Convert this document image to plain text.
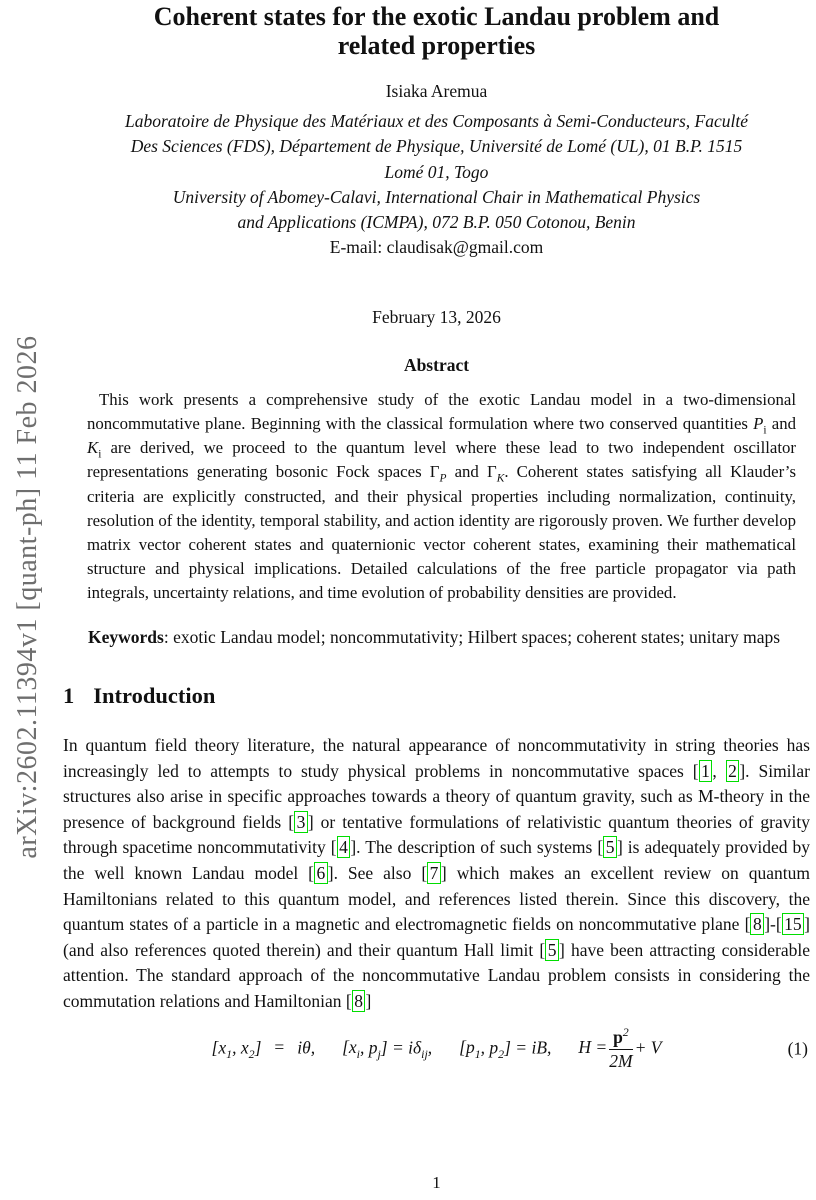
arXiv:2602.11394v1 [quant-ph] 11 Feb 2026
Coherent states for the exotic Landau problem and
related properties
Isiaka Aremua
Laboratoire de Physique des Matériaux et des Composants à Semi-Conducteurs, Faculté
Des Sciences (FDS), Département de Physique, Université de Lomé (UL), 01 B.P. 1515
Lomé 01, Togo
University of Abomey-Calavi, International Chair in Mathematical Physics
and Applications (ICMPA), 072 B.P. 050 Cotonou, Benin
E-mail: claudisak@gmail.com
February 13, 2026
Abstract

This work presents a comprehensive study of the exotic Landau model in a two-dimensional noncommutative plane. Beginning with the classical formulation where two conserved quantities $P_i$ and $K_i$ are derived, we proceed to the quantum level where these lead to two independent oscillator representations generating bosonic Fock spaces $\Gamma_P$ and $\Gamma_K$. Coherent states satisfying all Klauder’s criteria are explicitly constructed, and their physical properties including normalization, continuity, resolution of the identity, temporal stability, and action identity are rigorously proven. We further develop matrix vector coherent states and quaternionic vector coherent states, examining their mathematical structure and physical implications. Detailed calculations of the free particle propagator via path integrals, uncertainty relations, and time evolution of probability densities are provided.

Keywords: exotic Landau model; noncommutativity; Hilbert spaces; coherent states; unitary maps

1 Introduction

In quantum field theory literature, the natural appearance of noncommutativity in string theories has increasingly led to attempts to study physical problems in noncommutative spaces [ 1 , 2 ]. Similar structures also arise in specific approaches towards a theory of quantum gravity, such as M-theory in the presence of background fields [ 3 ] or tentative formulations of relativistic quantum theories of gravity through spacetime noncommutativity [ 4 ]. The description of such systems [ 5 ] is adequately provided by the well known Landau model [ 6 ]. See also [ 7 ] which makes an excellent review on quantum Hamiltonians related to this quantum model, and references listed therein. Since this discovery, the quantum states of a particle in a magnetic and electromagnetic fields on noncommutative plane [ 8 ]-[ 15 ] (and also references quoted therein) and their quantum Hall limit [ 5 ] have been attracting considerable attention. The standard approach of the noncommutative Landau problem consists in considering the commutation relations and Hamiltonian [ 8 ]

[$x_1$, $x_2] = i\theta$, [$x_i$, $p_j] = i\delta_{ij}$, [$p_1$, $p_2$] = iB, $H = \frac{p^2}{2M} + V$	(1)
1
